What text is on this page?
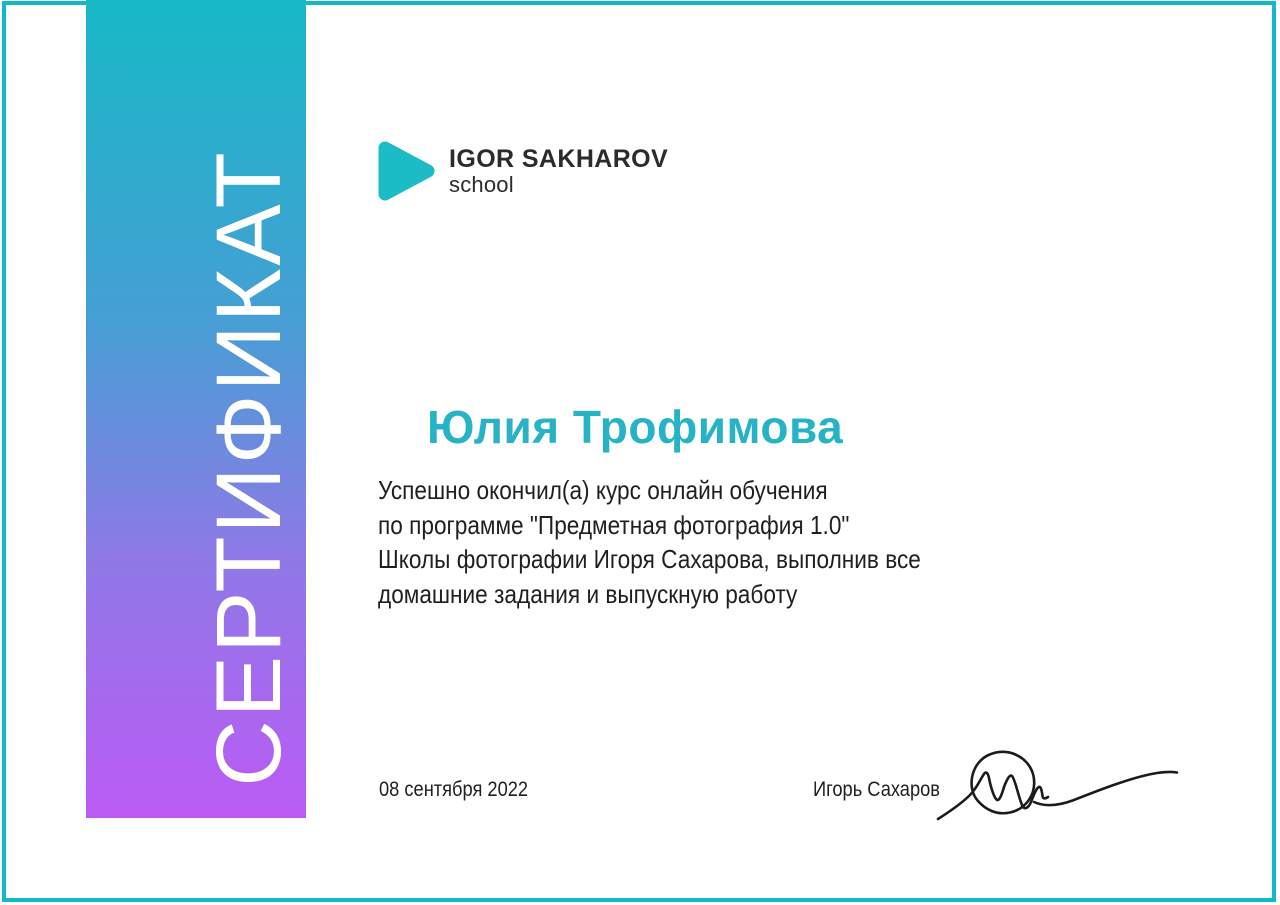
СЕРТИФИКАТ	IGOR SAKHAROV
school
Юлия Трофимова
Успешно окончил(а) курс онлайн обучения
по программе "Предметная фотография 1.0"
Школы фотографии Игоря Сахарова, выполнив все
домашние задания и выпускную работу
08 сентября 2022	Игорь Сахаров
